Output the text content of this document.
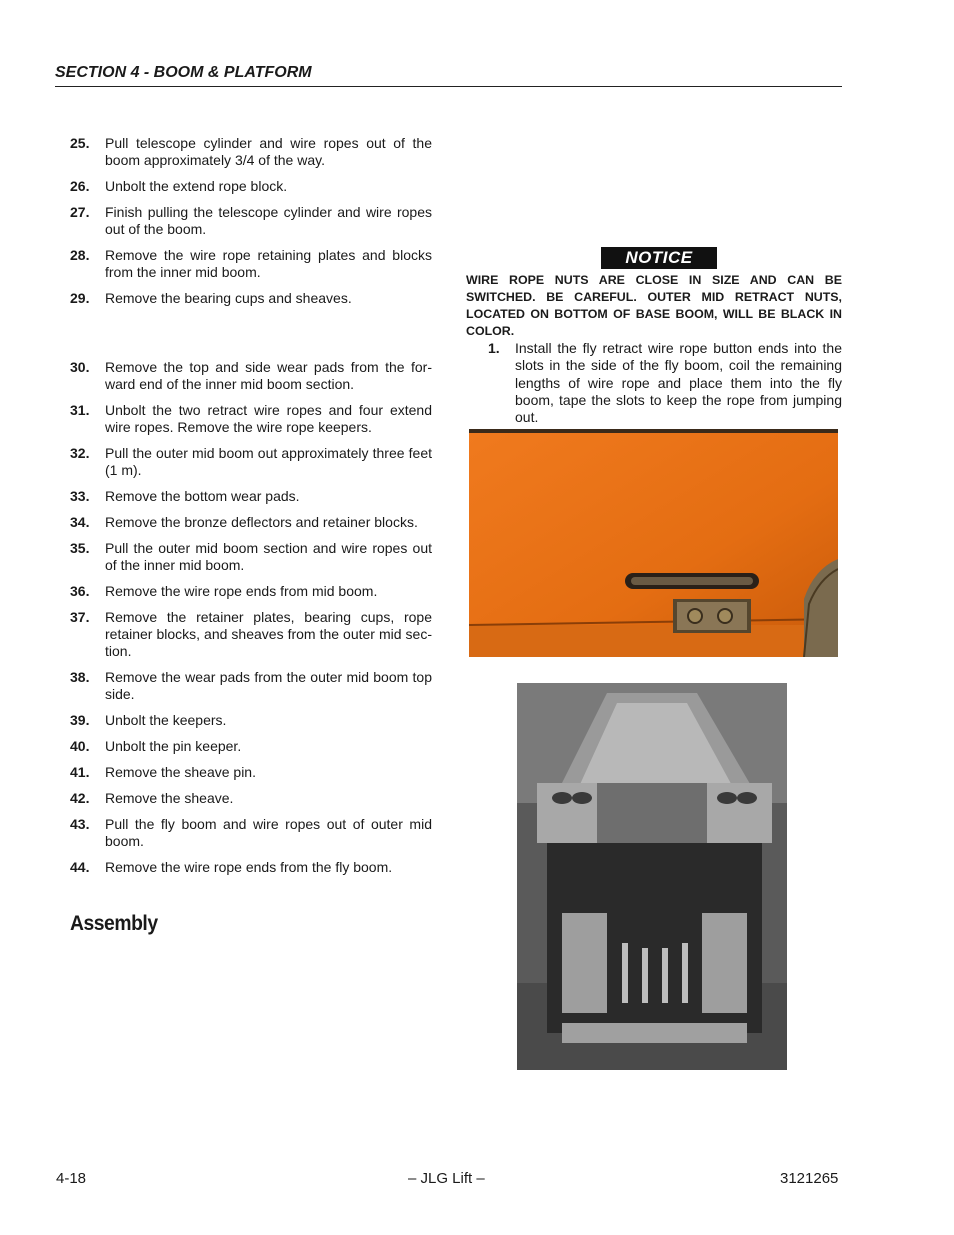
SECTION 4 - BOOM & PLATFORM
25.	Pull telescope cylinder and wire ropes out of the boom approximately 3/4 of the way.
26.	Unbolt the extend rope block.
27.	Finish pulling the telescope cylinder and wire ropes out of the boom.
28.	Remove the wire rope retaining plates and blocks from the inner mid boom.
29.	Remove the bearing cups and sheaves.
30.	Remove the top and side wear pads from the for-ward end of the inner mid boom section.
31.	Unbolt the two retract wire ropes and four extend wire ropes. Remove the wire rope keepers.
32.	Pull the outer mid boom out approximately three feet (1 m).
33.	Remove the bottom wear pads.
34.	Remove the bronze deflectors and retainer blocks.
35.	Pull the outer mid boom section and wire ropes out of the inner mid boom.
36.	Remove the wire rope ends from mid boom.
37.	Remove the retainer plates, bearing cups, rope retainer blocks, and sheaves from the outer mid sec-tion.
38.	Remove the wear pads from the outer mid boom top side.
39.	Unbolt the keepers.
40.	Unbolt the pin keeper.
41.	Remove the sheave pin.
42.	Remove the sheave.
43.	Pull the fly boom and wire ropes out of outer mid boom.
44.	Remove the wire rope ends from the fly boom.
Assembly
NOTICE
WIRE ROPE NUTS ARE CLOSE IN SIZE AND CAN BE SWITCHED. BE CAREFUL. OUTER MID RETRACT NUTS, LOCATED ON BOTTOM OF BASE BOOM, WILL BE BLACK IN COLOR.
1.	Install the fly retract wire rope button ends into the slots in the side of the fly boom, coil the remaining lengths of wire rope and place them into the fly boom, tape the slots to keep the rope from jumping out.
4-18	– JLG Lift –	3121265
